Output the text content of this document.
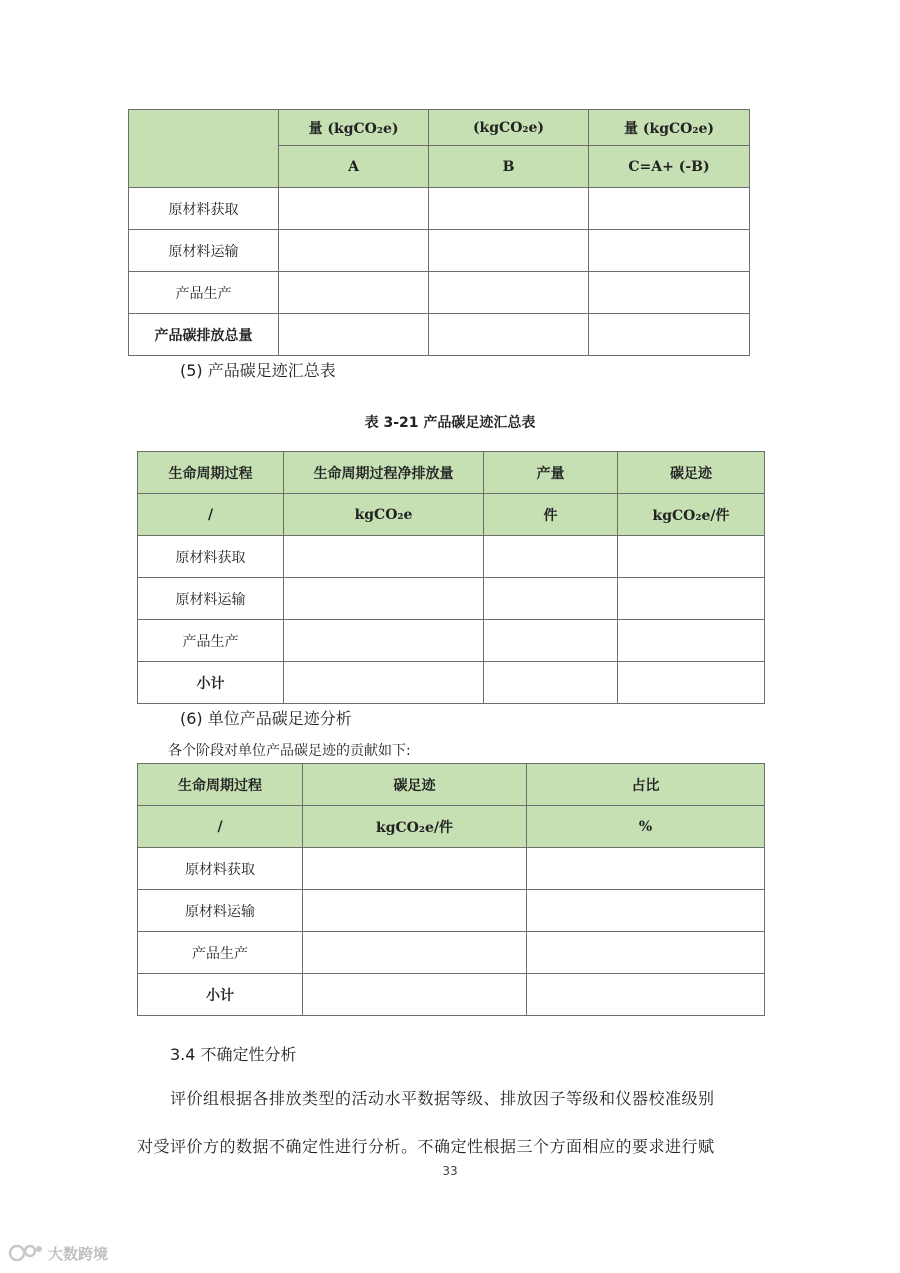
	量 (kgCO₂e)	(kgCO₂e)	量 (kgCO₂e)
	A	B	C=A+ (-B)
原材料获取			
原材料运输			
产品生产			
产品碳排放总量			
(5) 产品碳足迹汇总表
表 3-21 产品碳足迹汇总表
生命周期过程	生命周期过程净排放量	产量	碳足迹
/	kgCO₂e	件	kgCO₂e/件
原材料获取			
原材料运输			
产品生产			
小计			
(6) 单位产品碳足迹分析
各个阶段对单位产品碳足迹的贡献如下:
生命周期过程	碳足迹	占比
/	kgCO₂e/件	%
原材料获取		
原材料运输		
产品生产		
小计		
3.4 不确定性分析
评价组根据各排放类型的活动水平数据等级、排放因子等级和仪器校准级别
对受评价方的数据不确定性进行分析。不确定性根据三个方面相应的要求进行赋
33
大数跨境
